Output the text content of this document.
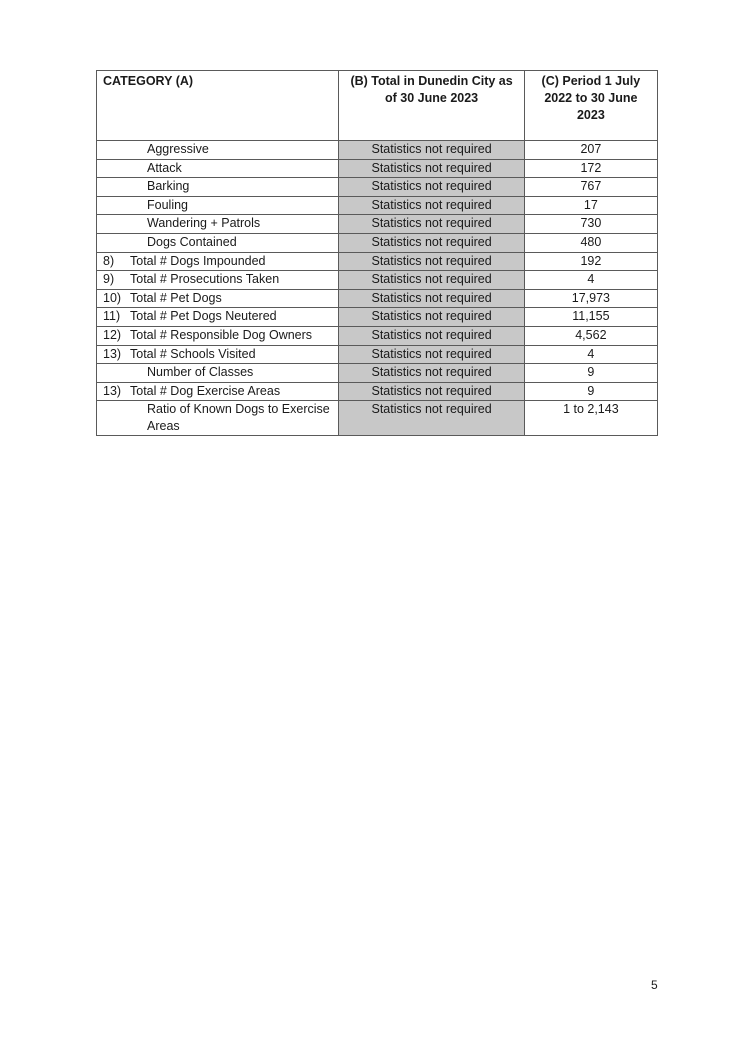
CATEGORY (A)	(B) Total in Dunedin City as of 30 June 2023	(C) Period 1 July 2022 to 30 June 2023

Aggressive	Statistics not required	207

Attack	Statistics not required	172

Barking	Statistics not required	767

Fouling	Statistics not required	17

Wandering + Patrols	Statistics not required	730

Dogs Contained	Statistics not required	480

8) Total # Dogs Impounded	Statistics not required	192

9) Total # Prosecutions Taken	Statistics not required	4

10) Total # Pet Dogs	Statistics not required	17,973

11) Total # Pet Dogs Neutered	Statistics not required	11,155

12) Total # Responsible Dog Owners	Statistics not required	4,562

13) Total # Schools Visited	Statistics not required	4

Number of Classes	Statistics not required	9

13) Total # Dog Exercise Areas	Statistics not required	9

Ratio of Known Dogs to Exercise Areas	Statistics not required	1 to 2,143
5
